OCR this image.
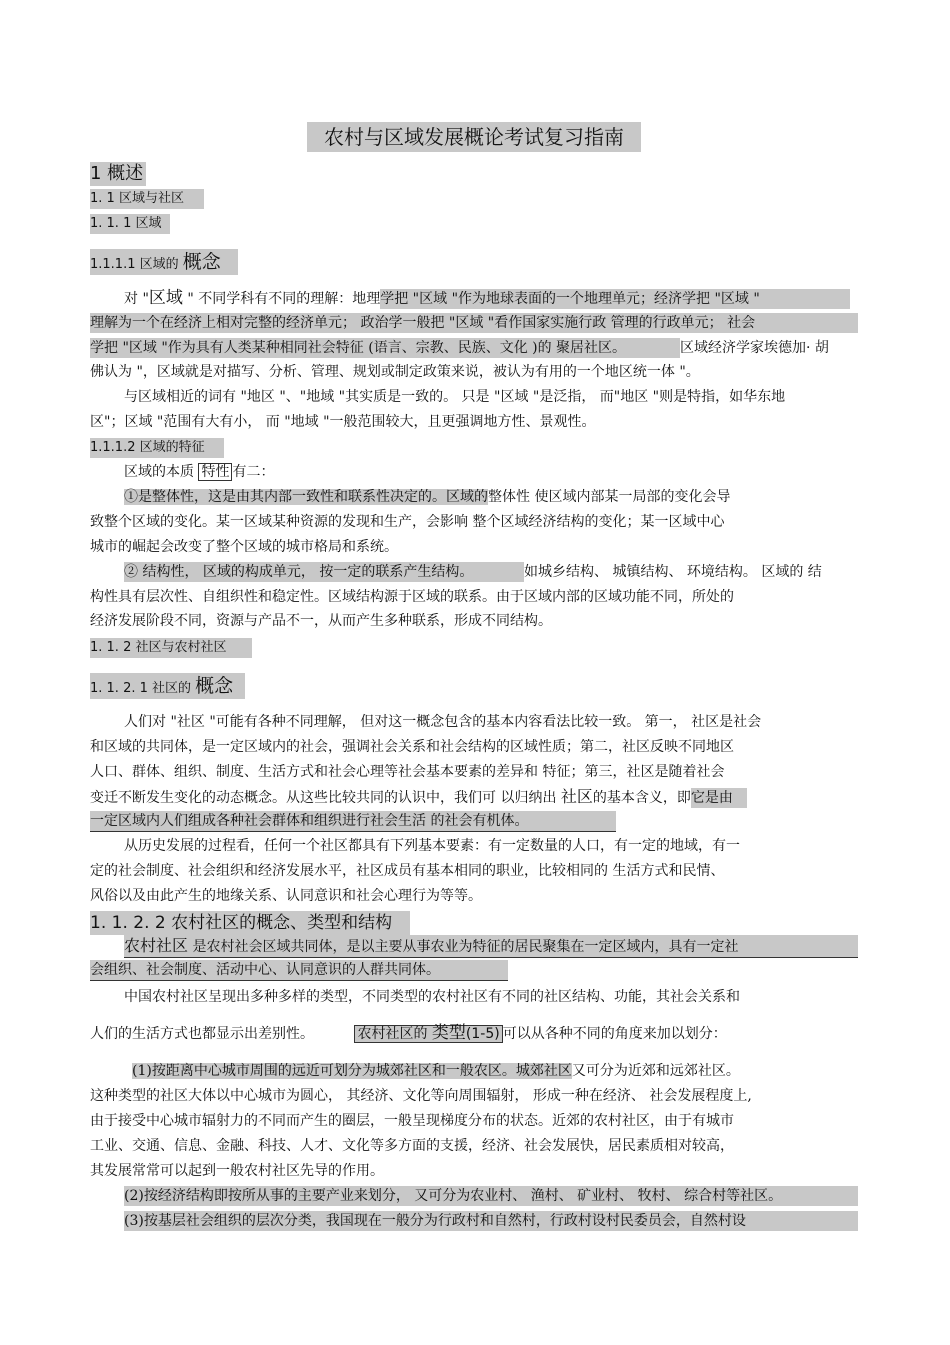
农村与区域发展概论考试复习指南
1 概述
1. 1 区域与社区
1. 1. 1 区域
1.1.1.1 区域的 概念
对 "区域 " 不同学科有不同的理解：地理学把 "区域 "作为地球表面的一个地理单元；经济学把 "区域 "
理解为一个在经济上相对完整的经济单元； 政治学一般把 "区域 "看作国家实施行政 管理的行政单元； 社会
学把 "区域 "作为具有人类某种相同社会特征 (语言、宗教、民族、文化 )的 聚居社区。	区域经济学家埃德加· 胡
佛认为 "，区域就是对描写、分析、管理、规划或制定政策来说，被认为有用的一个地区统一体 "。
与区域相近的词有 "地区 "、"地域 "其实质是一致的。 只是 "区域 "是泛指， 而"地区 "则是特指，如华东地
区"；区域 "范围有大有小， 而 "地域 "一般范围较大，且更强调地方性、景观性。
1.1.1.2 区域的特征
区域的本质 特性 有二：
①是整体性，这是由其内部一致性和联系性决定的。区域的整体性 使区域内部某一局部的变化会导
致整个区域的变化。某一区域某种资源的发现和生产，会影响 整个区域经济结构的变化；某一区域中心
城市的崛起会改变了整个区域的城市格局和系统。
② 结构性， 区域的构成单元， 按一定的联系产生结构。	如城乡结构、 城镇结构、 环境结构。 区域的 结
构性具有层次性、自组织性和稳定性。区域结构源于区域的联系。由于区域内部的区域功能不同，所处的
经济发展阶段不同，资源与产品不一，从而产生多种联系，形成不同结构。
1. 1. 2 社区与农村社区
1. 1. 2. 1 社区的 概念
人们对 "社区 "可能有各种不同理解， 但对这一概念包含的基本内容看法比较一致。 第一， 社区是社会
和区域的共同体，是一定区域内的社会，强调社会关系和社会结构的区域性质；第二，社区反映不同地区
人口、群体、组织、制度、生活方式和社会心理等社会基本要素的差异和 特征；第三，社区是随着社会
变迁不断发生变化的动态概念。从这些比较共同的认识中，我们可 以归纳出 社区的基本含义，即它是由
一定区域内人们组成各种社会群体和组织进行社会生活 的社会有机体。
从历史发展的过程看，任何一个社区都具有下列基本要素：有一定数量的人口，有一定的地域，有一
定的社会制度、社会组织和经济发展水平，社区成员有基本相同的职业，比较相同的 生活方式和民情、
风俗以及由此产生的地缘关系、认同意识和社会心理行为等等。
1. 1. 2. 2 农村社区的概念、类型和结构
农村社区 是农村社会区域共同体，是以主要从事农业为特征的居民聚集在一定区域内，具有一定社
会组织、社会制度、活动中心、认同意识的人群共同体。
中国农村社区呈现出多种多样的类型，不同类型的农村社区有不同的社区结构、功能，其社会关系和
人们的生活方式也都显示出差别性。	农村社区的 类型(1-5) 可以从各种不同的角度来加以划分：
(1)按距离中心城市周围的远近可划分为城郊社区和一般农区。城郊社区又可分为近郊和远郊社区。
这种类型的社区大体以中心城市为圆心， 其经济、文化等向周围辐射， 形成一种在经济、 社会发展程度上,
由于接受中心城市辐射力的不同而产生的圈层，一般呈现梯度分布的状态。近郊的农村社区，由于有城市
工业、交通、信息、金融、科技、人才、文化等多方面的支援，经济、社会发展快，居民素质相对较高，
其发展常常可以起到一般农村社区先导的作用。
(2)按经济结构即按所从事的主要产业来划分， 又可分为农业村、 渔村、 矿业村、 牧村、 综合村等社区。
(3)按基层社会组织的层次分类，我国现在一般分为行政村和自然村，行政村设村民委员会，自然村设
